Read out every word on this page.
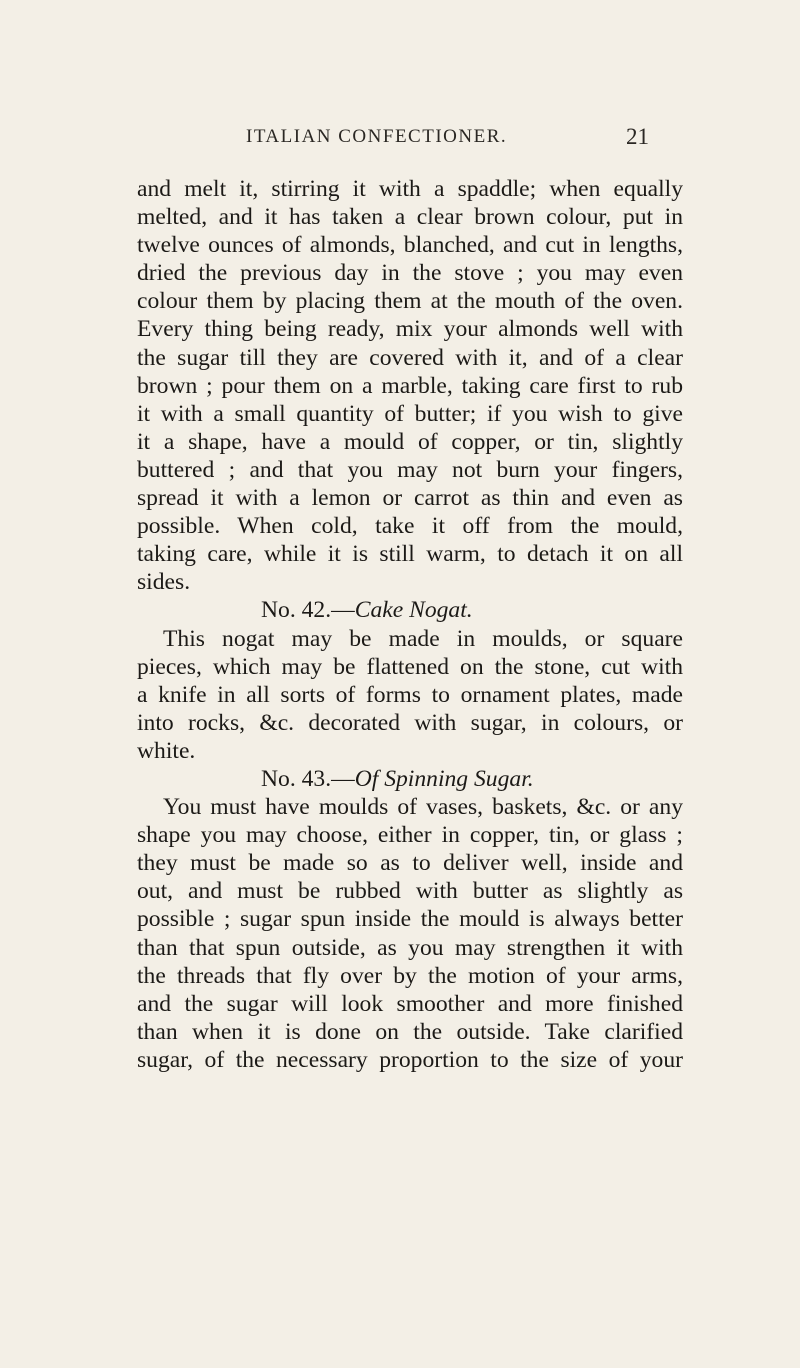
ITALIAN CONFECTIONER.	21
and melt it, stirring it with a spaddle; when equally
melted, and it has taken a clear brown colour, put in
twelve ounces of almonds, blanched, and cut in lengths,
dried the previous day in the stove ; you may even
colour them by placing them at the mouth of the oven.
Every thing being ready, mix your almonds well with
the sugar till they are covered with it, and of a clear
brown ; pour them on a marble, taking care first to rub
it with a small quantity of butter; if you wish to give
it a shape, have a mould of copper, or tin, slightly
buttered ; and that you may not burn your fingers,
spread it with a lemon or carrot as thin and even as
possible. When cold, take it off from the mould,
taking care, while it is still warm, to detach it on all
sides.
No. 42.—Cake Nogat.
This nogat may be made in moulds, or square
pieces, which may be flattened on the stone, cut with
a knife in all sorts of forms to ornament plates, made
into rocks, &c. decorated with sugar, in colours, or
white.
No. 43.—Of Spinning Sugar.
You must have moulds of vases, baskets, &c. or any
shape you may choose, either in copper, tin, or glass ;
they must be made so as to deliver well, inside and
out, and must be rubbed with butter as slightly as
possible ; sugar spun inside the mould is always better
than that spun outside, as you may strengthen it with
the threads that fly over by the motion of your arms,
and the sugar will look smoother and more finished
than when it is done on the outside. Take clarified
sugar, of the necessary proportion to the size of your
